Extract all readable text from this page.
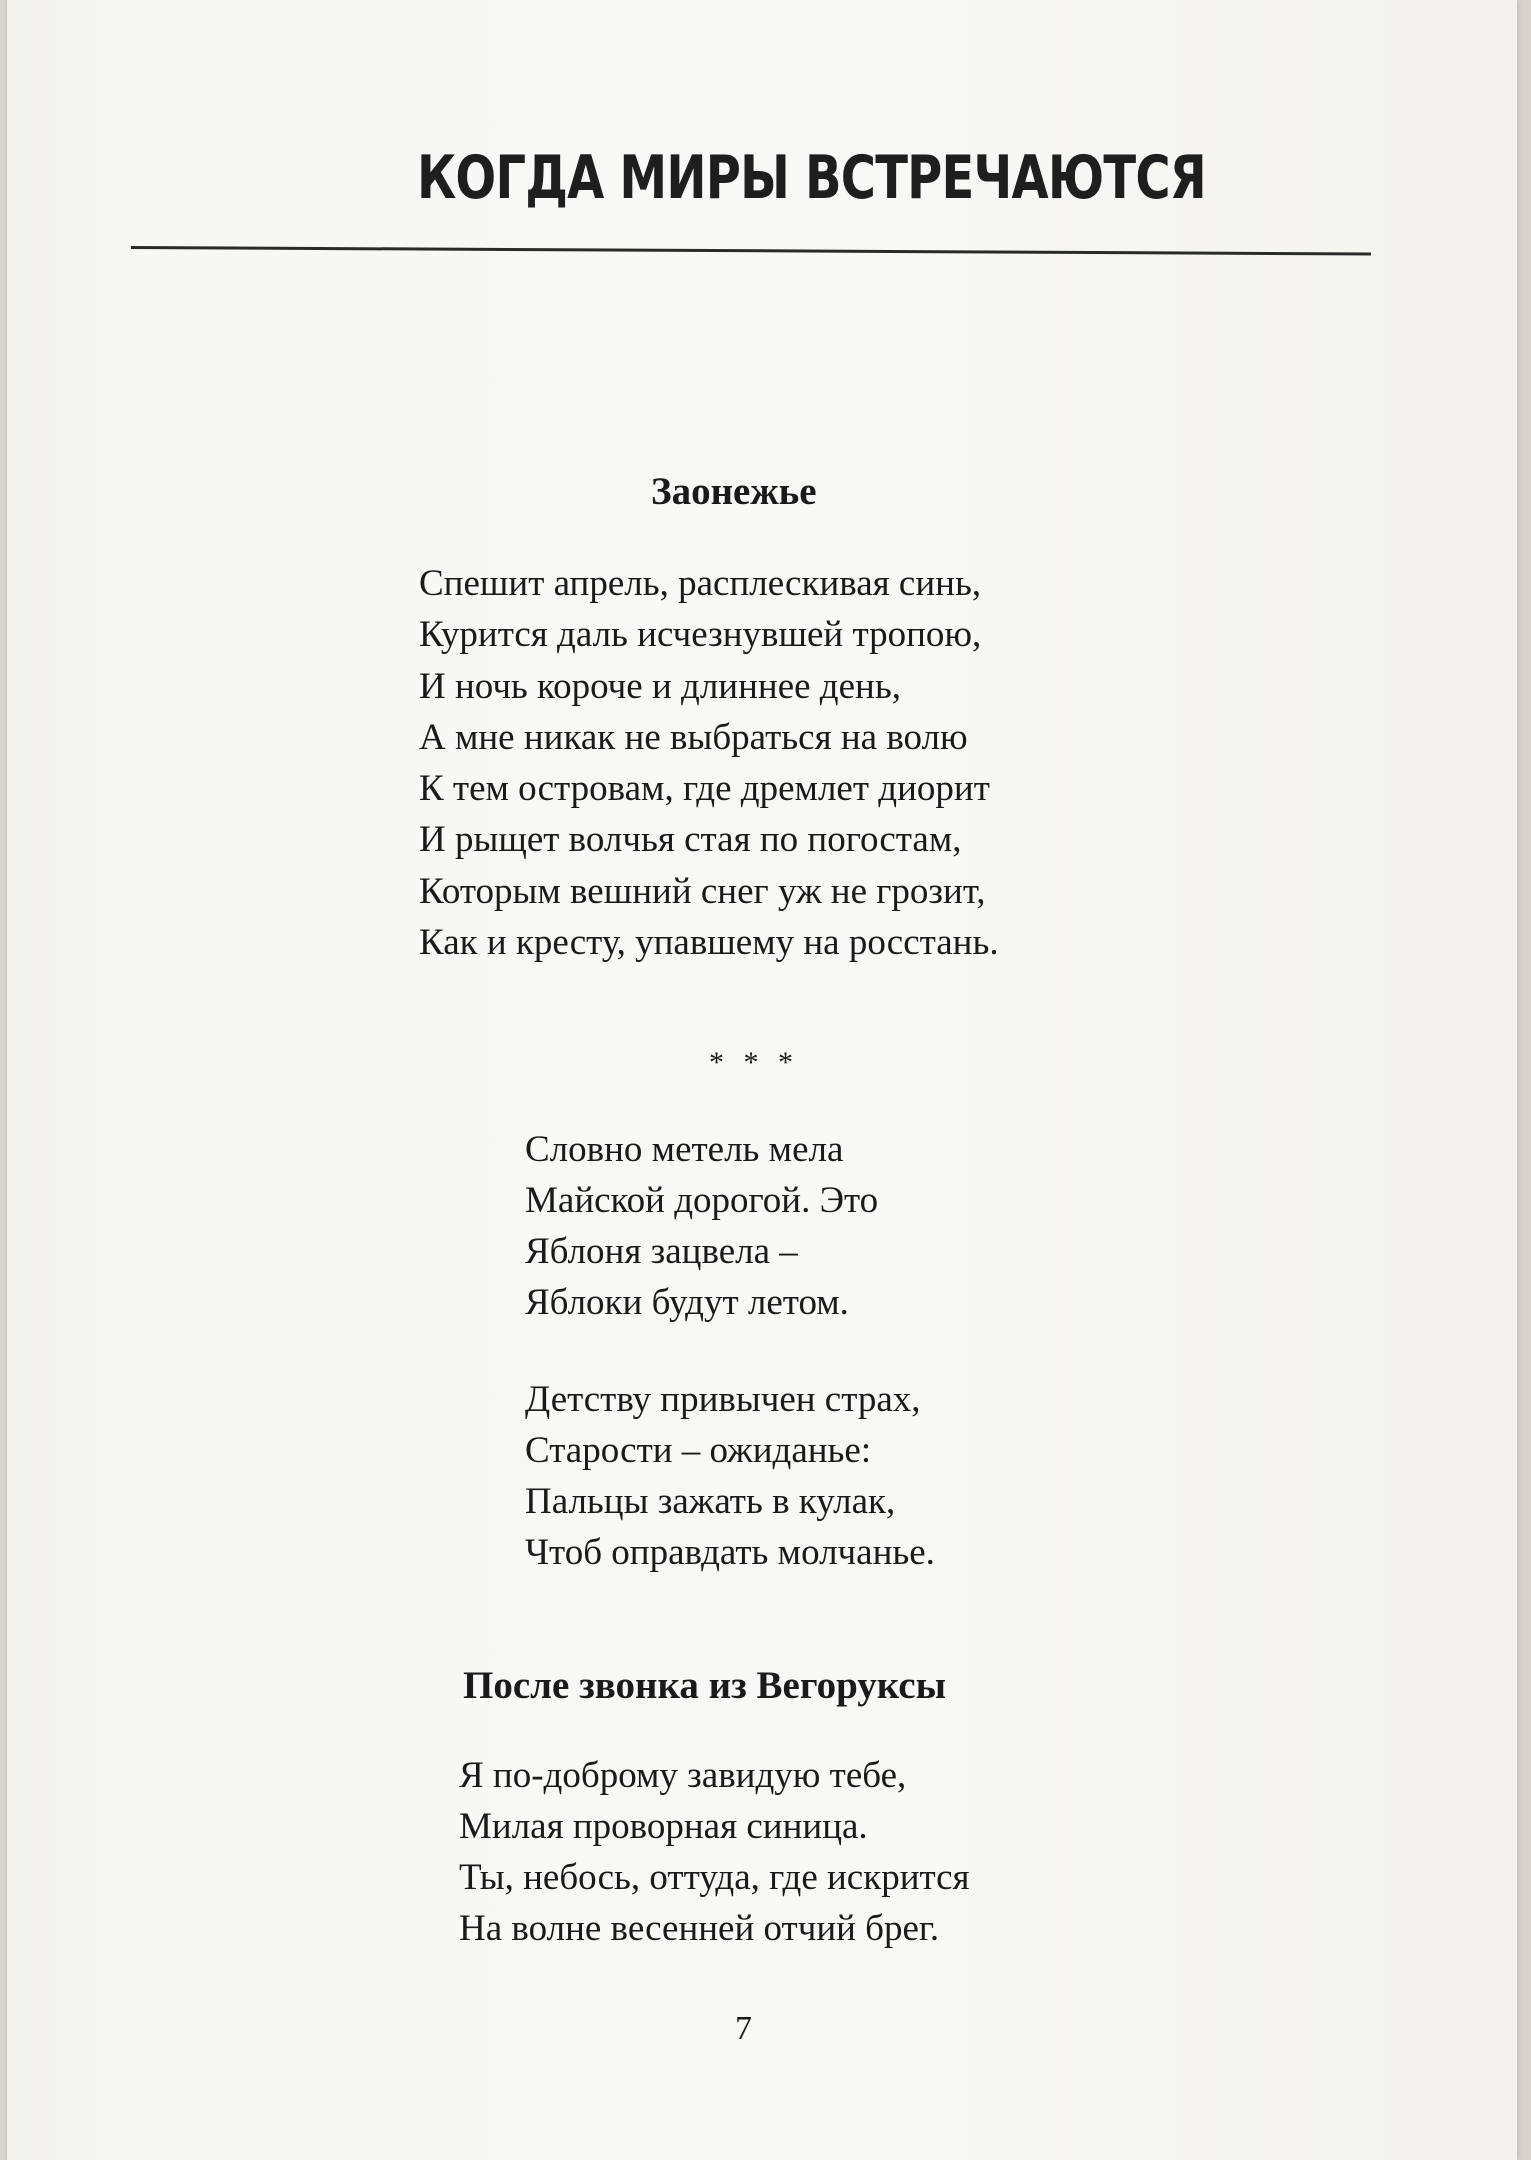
КОГДА МИРЫ ВСТРЕЧАЮТСЯ
Заонежье
Спешит апрель, расплескивая синь,
Курится даль исчезнувшей тропою,
И ночь короче и длиннее день,
А мне никак не выбраться на волю
К тем островам, где дремлет диорит
И рыщет волчья стая по погостам,
Которым вешний снег уж не грозит,
Как и кресту, упавшему на росстань.
* * *
Словно метель мела
Майской дорогой. Это
Яблоня зацвела –
Яблоки будут летом.
Детству привычен страх,
Старости – ожиданье:
Пальцы зажать в кулак,
Чтоб оправдать молчанье.
После звонка из Вегоруксы
Я по-доброму завидую тебе,
Милая проворная синица.
Ты, небось, оттуда, где искрится
На волне весенней отчий брег.
7
